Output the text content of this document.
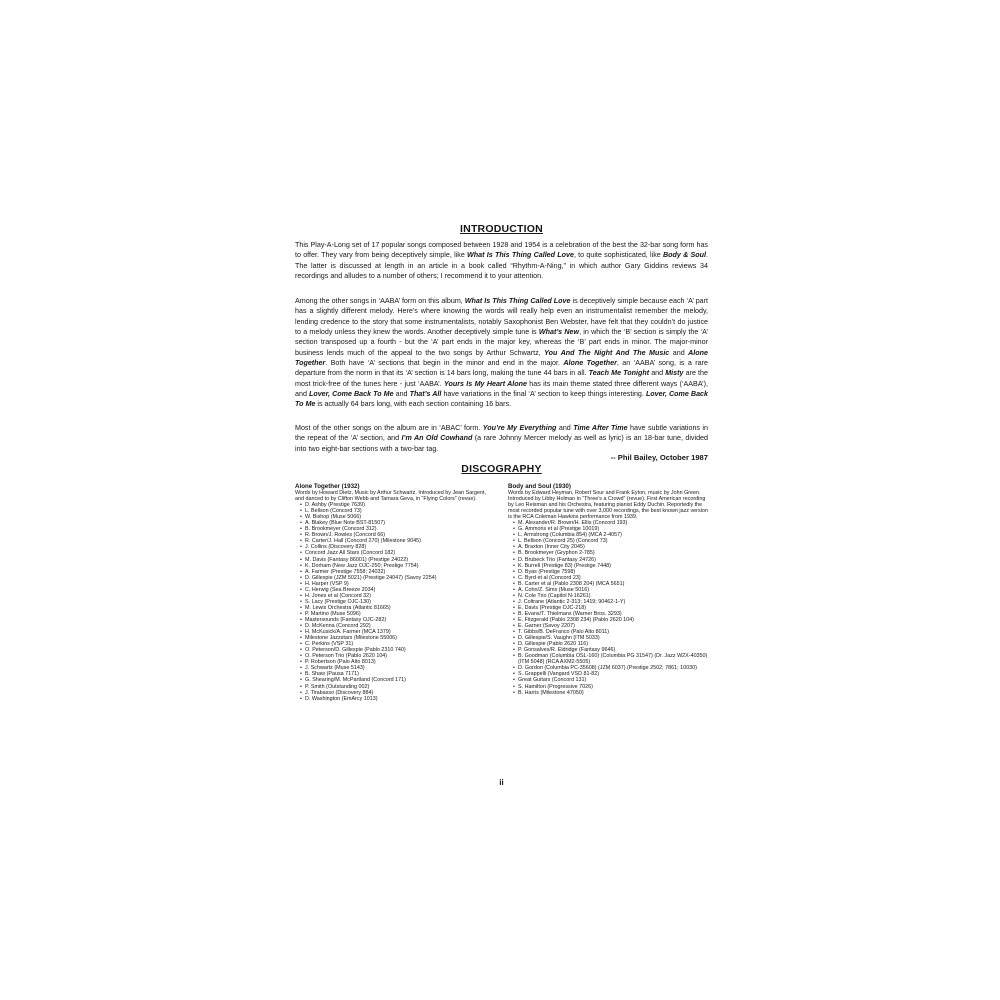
INTRODUCTION

This Play-A-Long set of 17 popular songs composed between 1928 and 1954 is a celebration of the best the 32-bar song form has to offer. They vary from being deceptively simple, like What Is This Thing Called Love, to quite sophisticated, like Body & Soul. The latter is discussed at length in an article in a book called “Rhythm-A-Ning,” in which author Gary Giddins reviews 34 recordings and alludes to a number of others; I recommend it to your attention.

Among the other songs in ‘AABA’ form on this album, What Is This Thing Called Love is deceptively simple because each ‘A’ part has a slightly different melody. Here’s where knowing the words will really help even an instrumentalist remember the melody, lending credence to the story that some instrumentalists, notably Saxophonist Ben Webster, have felt that they couldn’t do justice to a melody unless they knew the words. Another deceptively simple tune is What’s New, in which the ‘B’ section is simply the ‘A’ section transposed up a fourth - but the ‘A’ part ends in the major key, whereas the ‘B’ part ends in minor. The major-minor business lends much of the appeal to the two songs by Arthur Schwartz, You And The Night And The Music and Alone Together. Both have ‘A’ sections that begin in the minor and end in the major. Alone Together, an ‘AABA’ song, is a rare departure from the norm in that its ‘A’ section is 14 bars long, making the tune 44 bars in all. Teach Me Tonight and Misty are the most trick-free of the tunes here - just ‘AABA’. Yours Is My Heart Alone has its main theme stated three different ways (‘AABA’), and Lover, Come Back To Me and That’s All have variations in the final ‘A’ section to keep things interesting. Lover, Come Back To Me is actually 64 bars long, with each section containing 16 bars.

Most of the other songs on the album are in ‘ABAC’ form. You’re My Everything and Time After Time have subtle variations in the repeat of the ‘A’ section, and I’m An Old Cowhand (a rare Johnny Mercer melody as well as lyric) is an 18-bar tune, divided into two eight-bar sections with a two-bar tag.

-- Phil Bailey, October 1987
DISCOGRAPHY
Alone Together (1932)
Words by Howard Dietz, Music by Arthur Schwartz. Introduced by Jean Sargent, and danced to by Clifton Webb and Tamara Geva, in “Flying Colors” (revue).
• D. Ashby (Prestige 7639)
• L. Bellson (Concord 73)
• W. Bishop (Muse 5066)
• A. Blakey (Blue Note BST-81507)
• B. Brookmeyer (Concord 312)
• R. Brown/J. Rowles (Concord 66)
• R. Carter/J. Hall (Concord 270) (Milestone 9045)
• J. Collins (Discovery 828)
• Concord Jazz All Stars (Concord 182)
• M. Davis (Fantasy 86001) (Prestige 24022)
• K. Dorham (New Jazz OJC-250; Prestige 7754)
• A. Farmer (Prestige 7558; 24032)
• D. Gillespie (JZM 5021) (Prestige 24047) (Savoy 2254)
• H. Harper (VSP 9)
• C. Herwig (Sea Breeze 2034)
• H. Jones et al (Concord 32)
• S. Lacy (Prestige OJC-130)
• M. Lewis Orchestra (Atlantic 81665)
• P. Martino (Muse 5096)
• Mastersounds (Fantasy OJC-282)
• D. McKenna (Concord 292)
• H. McKusick/A. Farmer (MCA 1379)
• Milestone Jazzstars (Milestone 55006)
• C. Perkins (VSP 31)
• O. Peterson/D. Gillespie (Pablo 2310 740)
• O. Peterson Trio (Pablo 2620 104)
• P. Robertson (Palo Alto 8013)
• J. Schwartz (Muse 5143)
• B. Shaw (Pausa 7171)
• G. Shearing/M. McPartland (Concord 171)
• P. Smith (Outstanding 002)
• J. Tirabasso (Discovery 884)
• D. Washington (EmArcy 1013)
Body and Soul (1930)
Words by Edward Heyman, Robert Sour and Frank Eyton, music by John Green. Introduced by Libby Holman in “Three’s a Crowd” (revue). First American recording by Leo Reisman and his Orchestra, featuring pianist Eddy Duchin. Reportedly the most recorded popular tune with over 3,000 recordings, the best known jazz version is the RCA Coleman Hawkins performance from 1939.
• M. Alexander/R. Brown/H. Ellis (Concord 193)
• G. Ammons et al (Prestige 10019)
• L. Armstrong (Columbia 854) (MCA 2-4057)
• L. Bellson (Concord 25) (Concord 73)
• A. Braxton (Inner City 2045)
• B. Brookmeyer (Gryphon 2-785)
• D. Brubeck Trio (Fantasy 24726)
• K. Burrell (Prestige 83) (Prestige 7448)
• D. Byas (Prestige 7598)
• C. Byrd et al (Concord 23)
• B. Carter et al (Pablo 2308 204) (MCA 5651)
• A. Cohn/Z. Sims (Muse 5016)
• N. Cole Trio (Capitol N-16261)
• J. Coltrane (Atlantic 2-313; 1419; 90462-1-Y)
• E. Davis (Prestige OJC-218)
• B. Evans/T. Thielmans (Warner Bros. 3293)
• E. Fitzgerald (Pablo 2308 234) (Pablo 2620 104)
• E. Garner (Savoy 2207)
• T. Gibbs/B. DeFranco (Palo Alto 8011)
• D. Gillespie/S. Vaughn (ITM 5033)
• D. Gillespie (Pablo 2620 116)
• P. Gonsalves/R. Eldridge (Fantasy 9646)
• B. Goodman (Columbia OSL-160) (Columbia PG 31547) (Dr. Jazz W2X-40350) (ITM 5048) (RCA AXM2-5505)
• D. Gordon (Columbia PC-35608) (JZM 6037) (Prestige 2502; 7861; 10030)
• S. Grappelli (Vangard VSD 81-82)
• Great Guitars (Concord 131)
• S. Hamilton (Progressive 7026)
• B. Harris (Milestone 47050)
ii
